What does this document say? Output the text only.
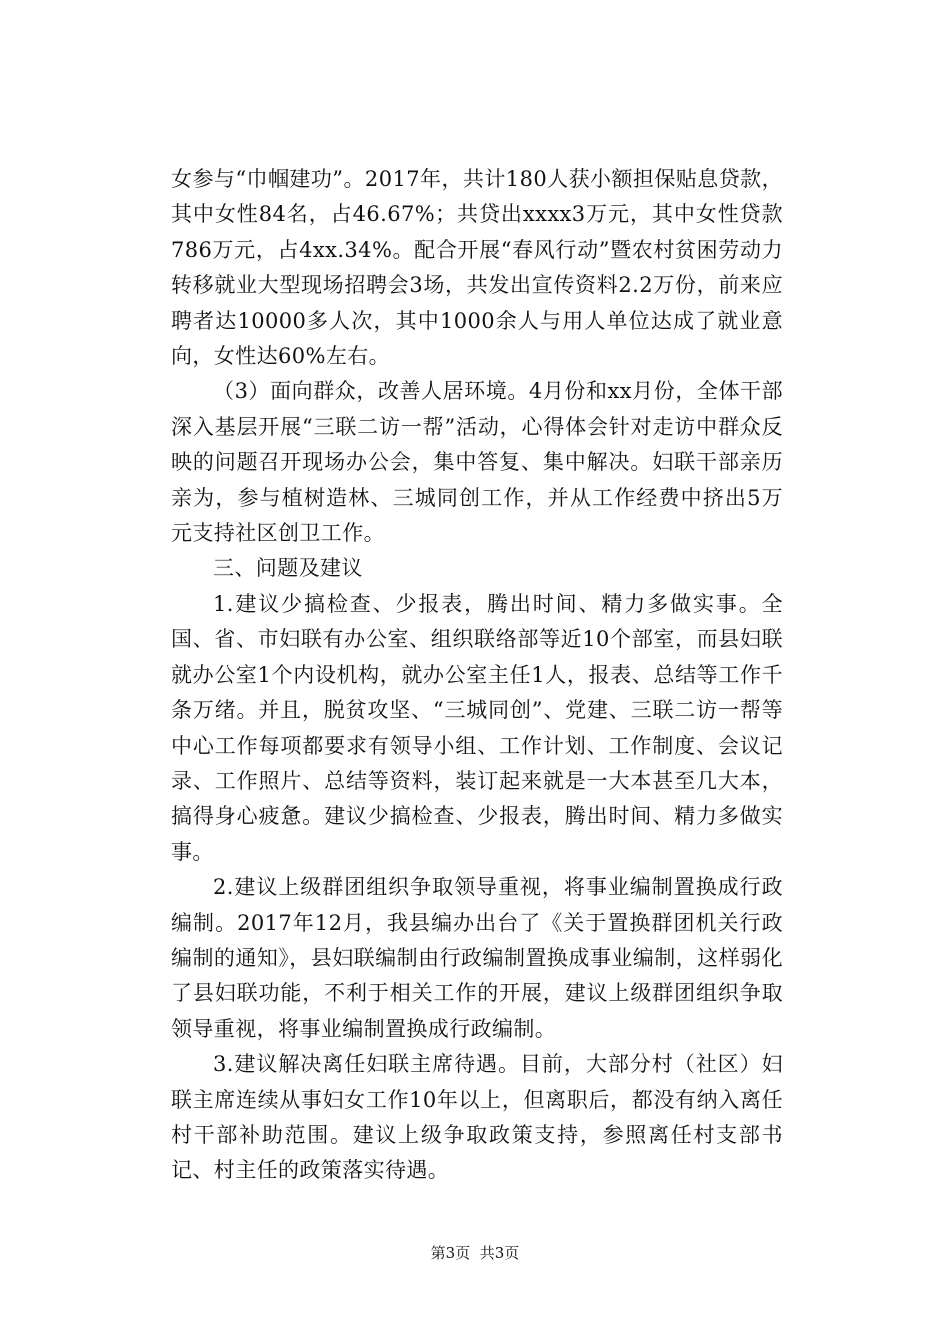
女参与“巾帼建功”。2017年，共计180人获小额担保贴息贷款，其中女性84名，占46.67%；共贷出xxxx3万元，其中女性贷款786万元，占4xx.34%。配合开展“春风行动”暨农村贫困劳动力转移就业大型现场招聘会3场，共发出宣传资料2.2万份，前来应聘者达10000多人次，其中1000余人与用人单位达成了就业意向，女性达60%左右。

（3）面向群众，改善人居环境。4月份和xx月份，全体干部深入基层开展“三联二访一帮”活动，心得体会针对走访中群众反映的问题召开现场办公会，集中答复、集中解决。妇联干部亲历亲为，参与植树造林、三城同创工作，并从工作经费中挤出5万元支持社区创卫工作。

三、问题及建议

1.建议少搞检查、少报表，腾出时间、精力多做实事。全国、省、市妇联有办公室、组织联络部等近10个部室，而县妇联就办公室1个内设机构，就办公室主任1人，报表、总结等工作千条万绪。并且，脱贫攻坚、“三城同创”、党建、三联二访一帮等中心工作每项都要求有领导小组、工作计划、工作制度、会议记录、工作照片、总结等资料，装订起来就是一大本甚至几大本，搞得身心疲惫。建议少搞检查、少报表，腾出时间、精力多做实事。

2.建议上级群团组织争取领导重视，将事业编制置换成行政编制。2017年12月，我县编办出台了《关于置换群团机关行政编制的通知》，县妇联编制由行政编制置换成事业编制，这样弱化了县妇联功能，不利于相关工作的开展，建议上级群团组织争取领导重视，将事业编制置换成行政编制。

3.建议解决离任妇联主席待遇。目前，大部分村（社区）妇联主席连续从事妇女工作10年以上，但离职后，都没有纳入离任村干部补助范围。建议上级争取政策支持，参照离任村支部书记、村主任的政策落实待遇。

第3页 共3页
